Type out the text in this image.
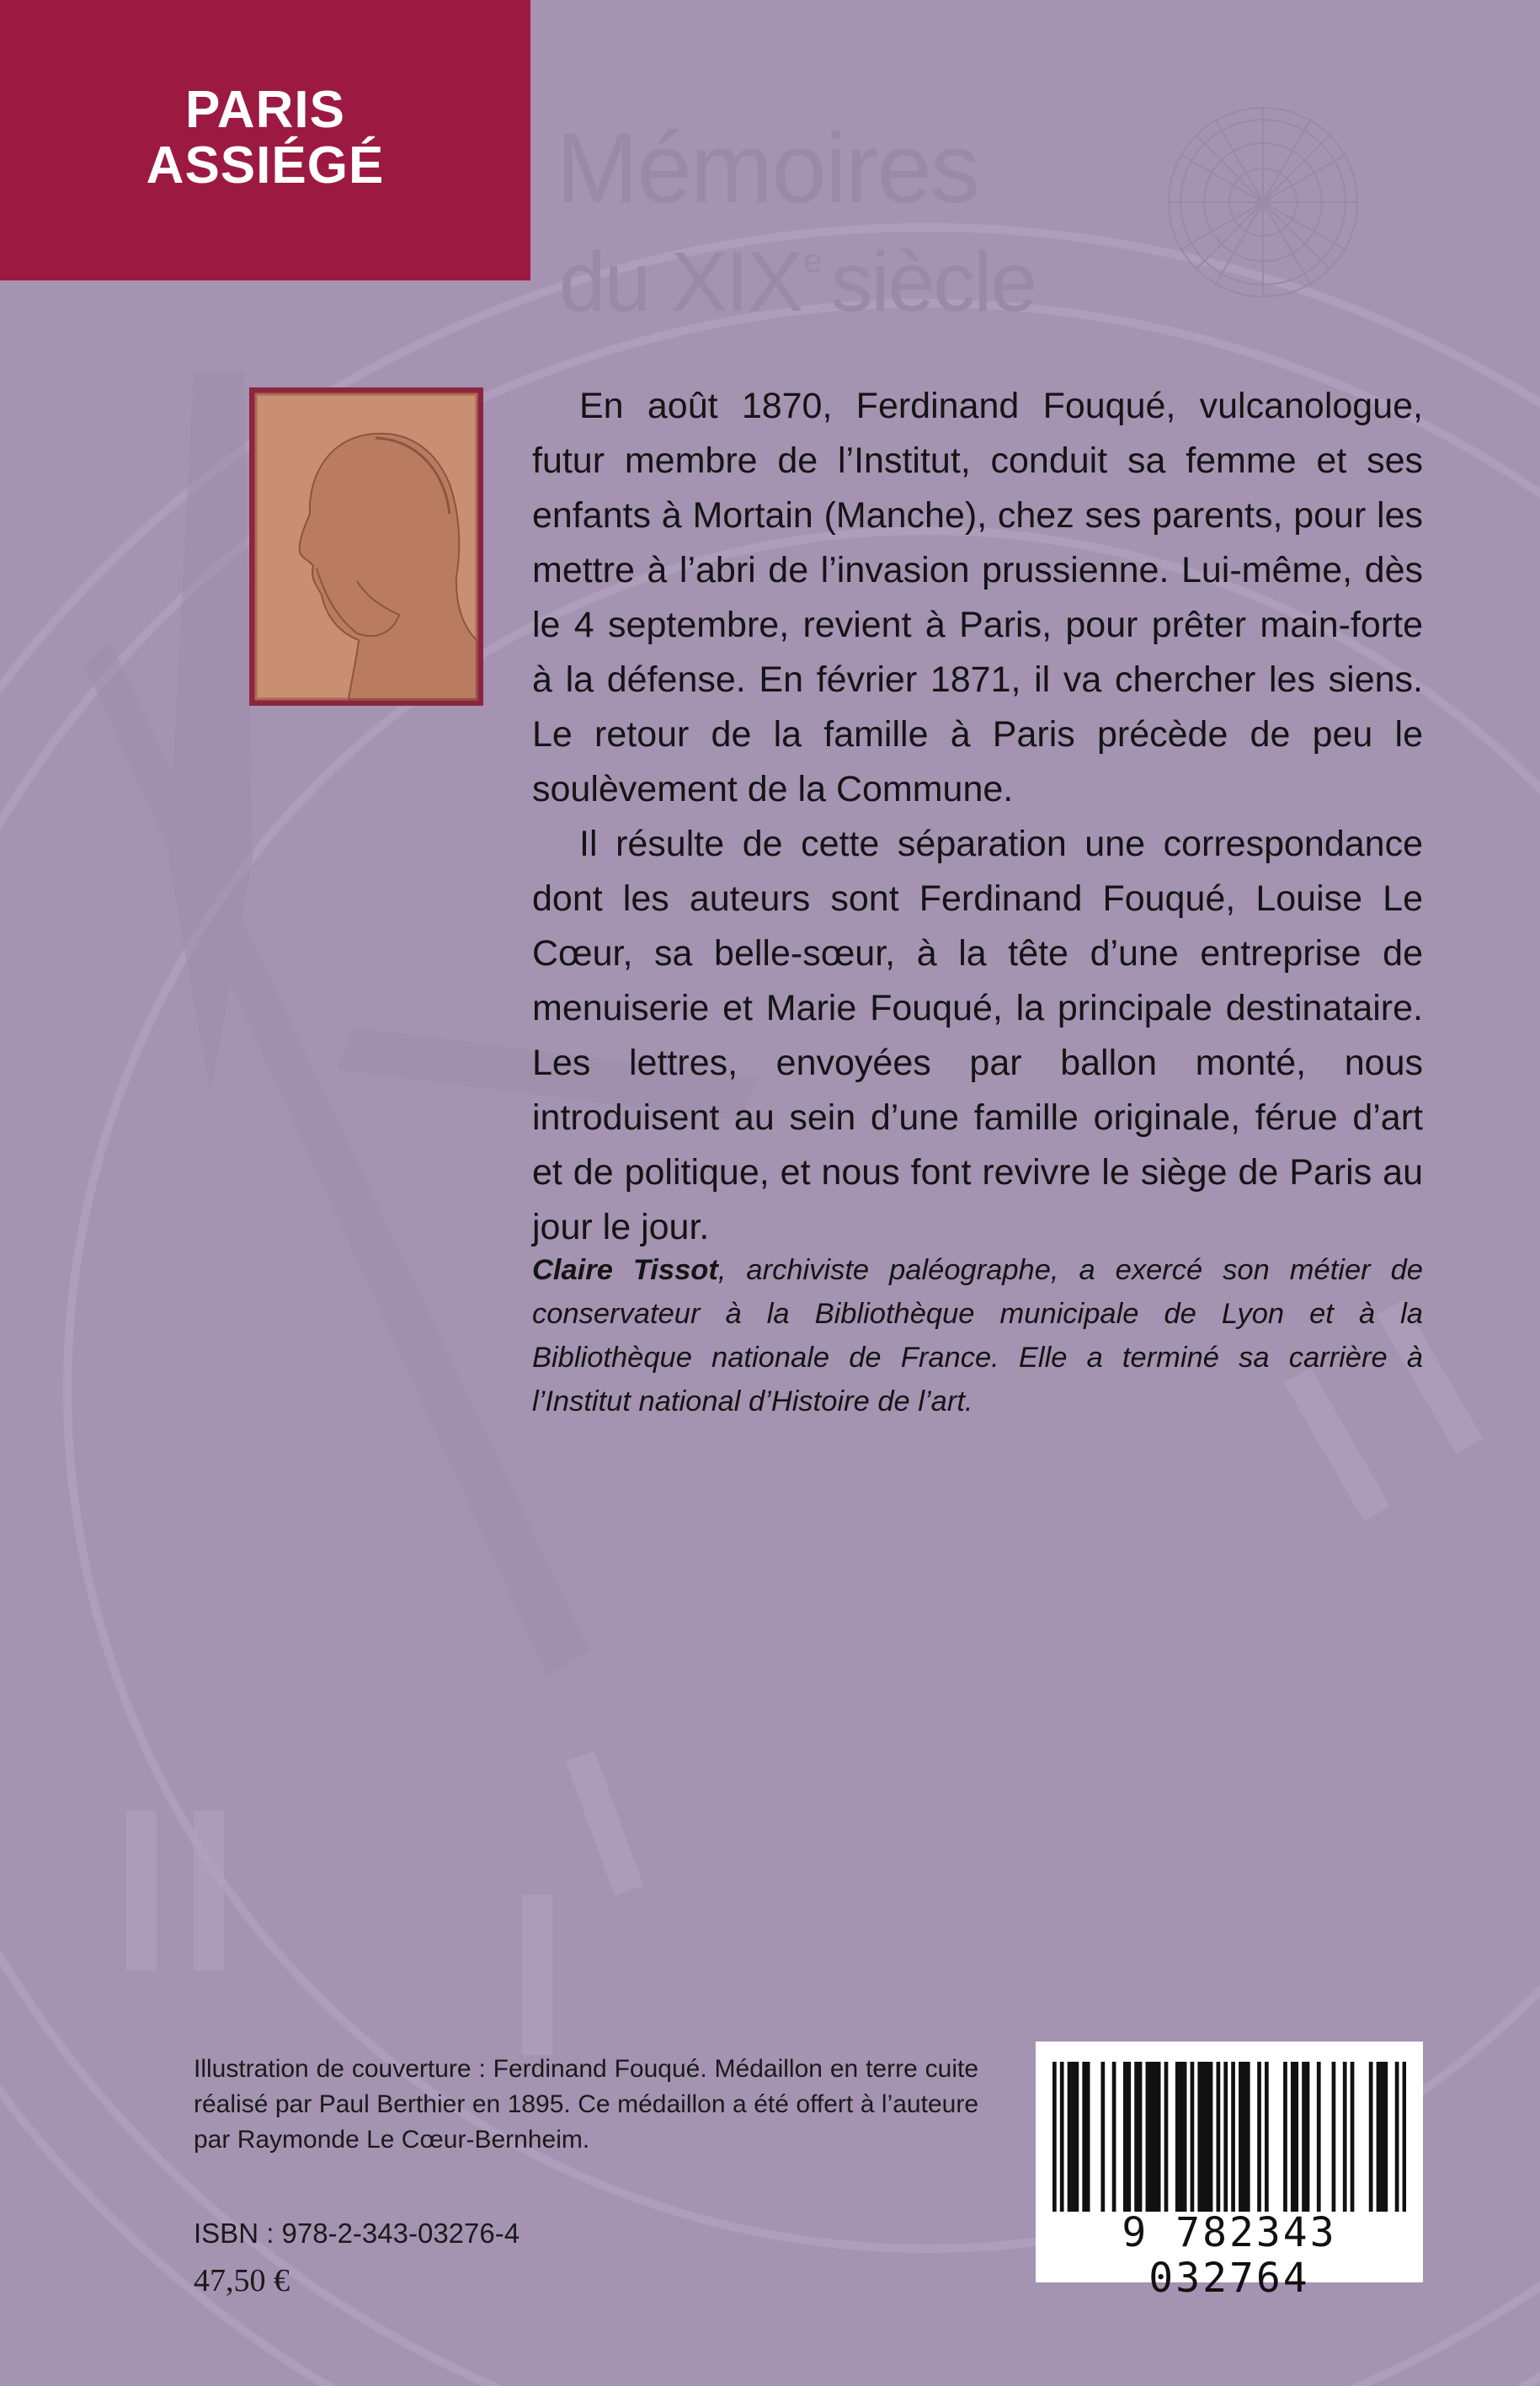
PARIS
ASSIÉGÉ	Mémoires
du XIXe siècle

En août 1870, Ferdinand Fouqué, vulcanologue, futur membre de l’Institut, conduit sa femme et ses enfants à Mortain (Manche), chez ses parents, pour les mettre à l’abri de l’invasion prussienne. Lui-même, dès le 4 septembre, revient à Paris, pour prêter main-forte à la défense. En février 1871, il va chercher les siens. Le retour de la famille à Paris précède de peu le soulèvement de la Commune.

Il résulte de cette séparation une correspondance dont les auteurs sont Ferdinand Fouqué, Louise Le Cœur, sa belle-sœur, à la tête d’une entreprise de menuiserie et Marie Fouqué, la principale destinataire. Les lettres, envoyées par ballon monté, nous introduisent au sein d’une famille originale, férue d’art et de politique, et nous font revivre le siège de Paris au jour le jour.

Claire Tissot, archiviste paléographe, a exercé son métier de conservateur à la Bibliothèque municipale de Lyon et à la Bibliothèque nationale de France. Elle a terminé sa carrière à l’Institut national d’Histoire de l’art.
Illustration de couverture : Ferdinand Fouqué. Médaillon en terre cuite réalisé par Paul Berthier en 1895. Ce médaillon a été offert à l’auteure par Raymonde Le Cœur-Bernheim.
ISBN : 978-2-343-03276-4
47,50 €
9 782343 032764
